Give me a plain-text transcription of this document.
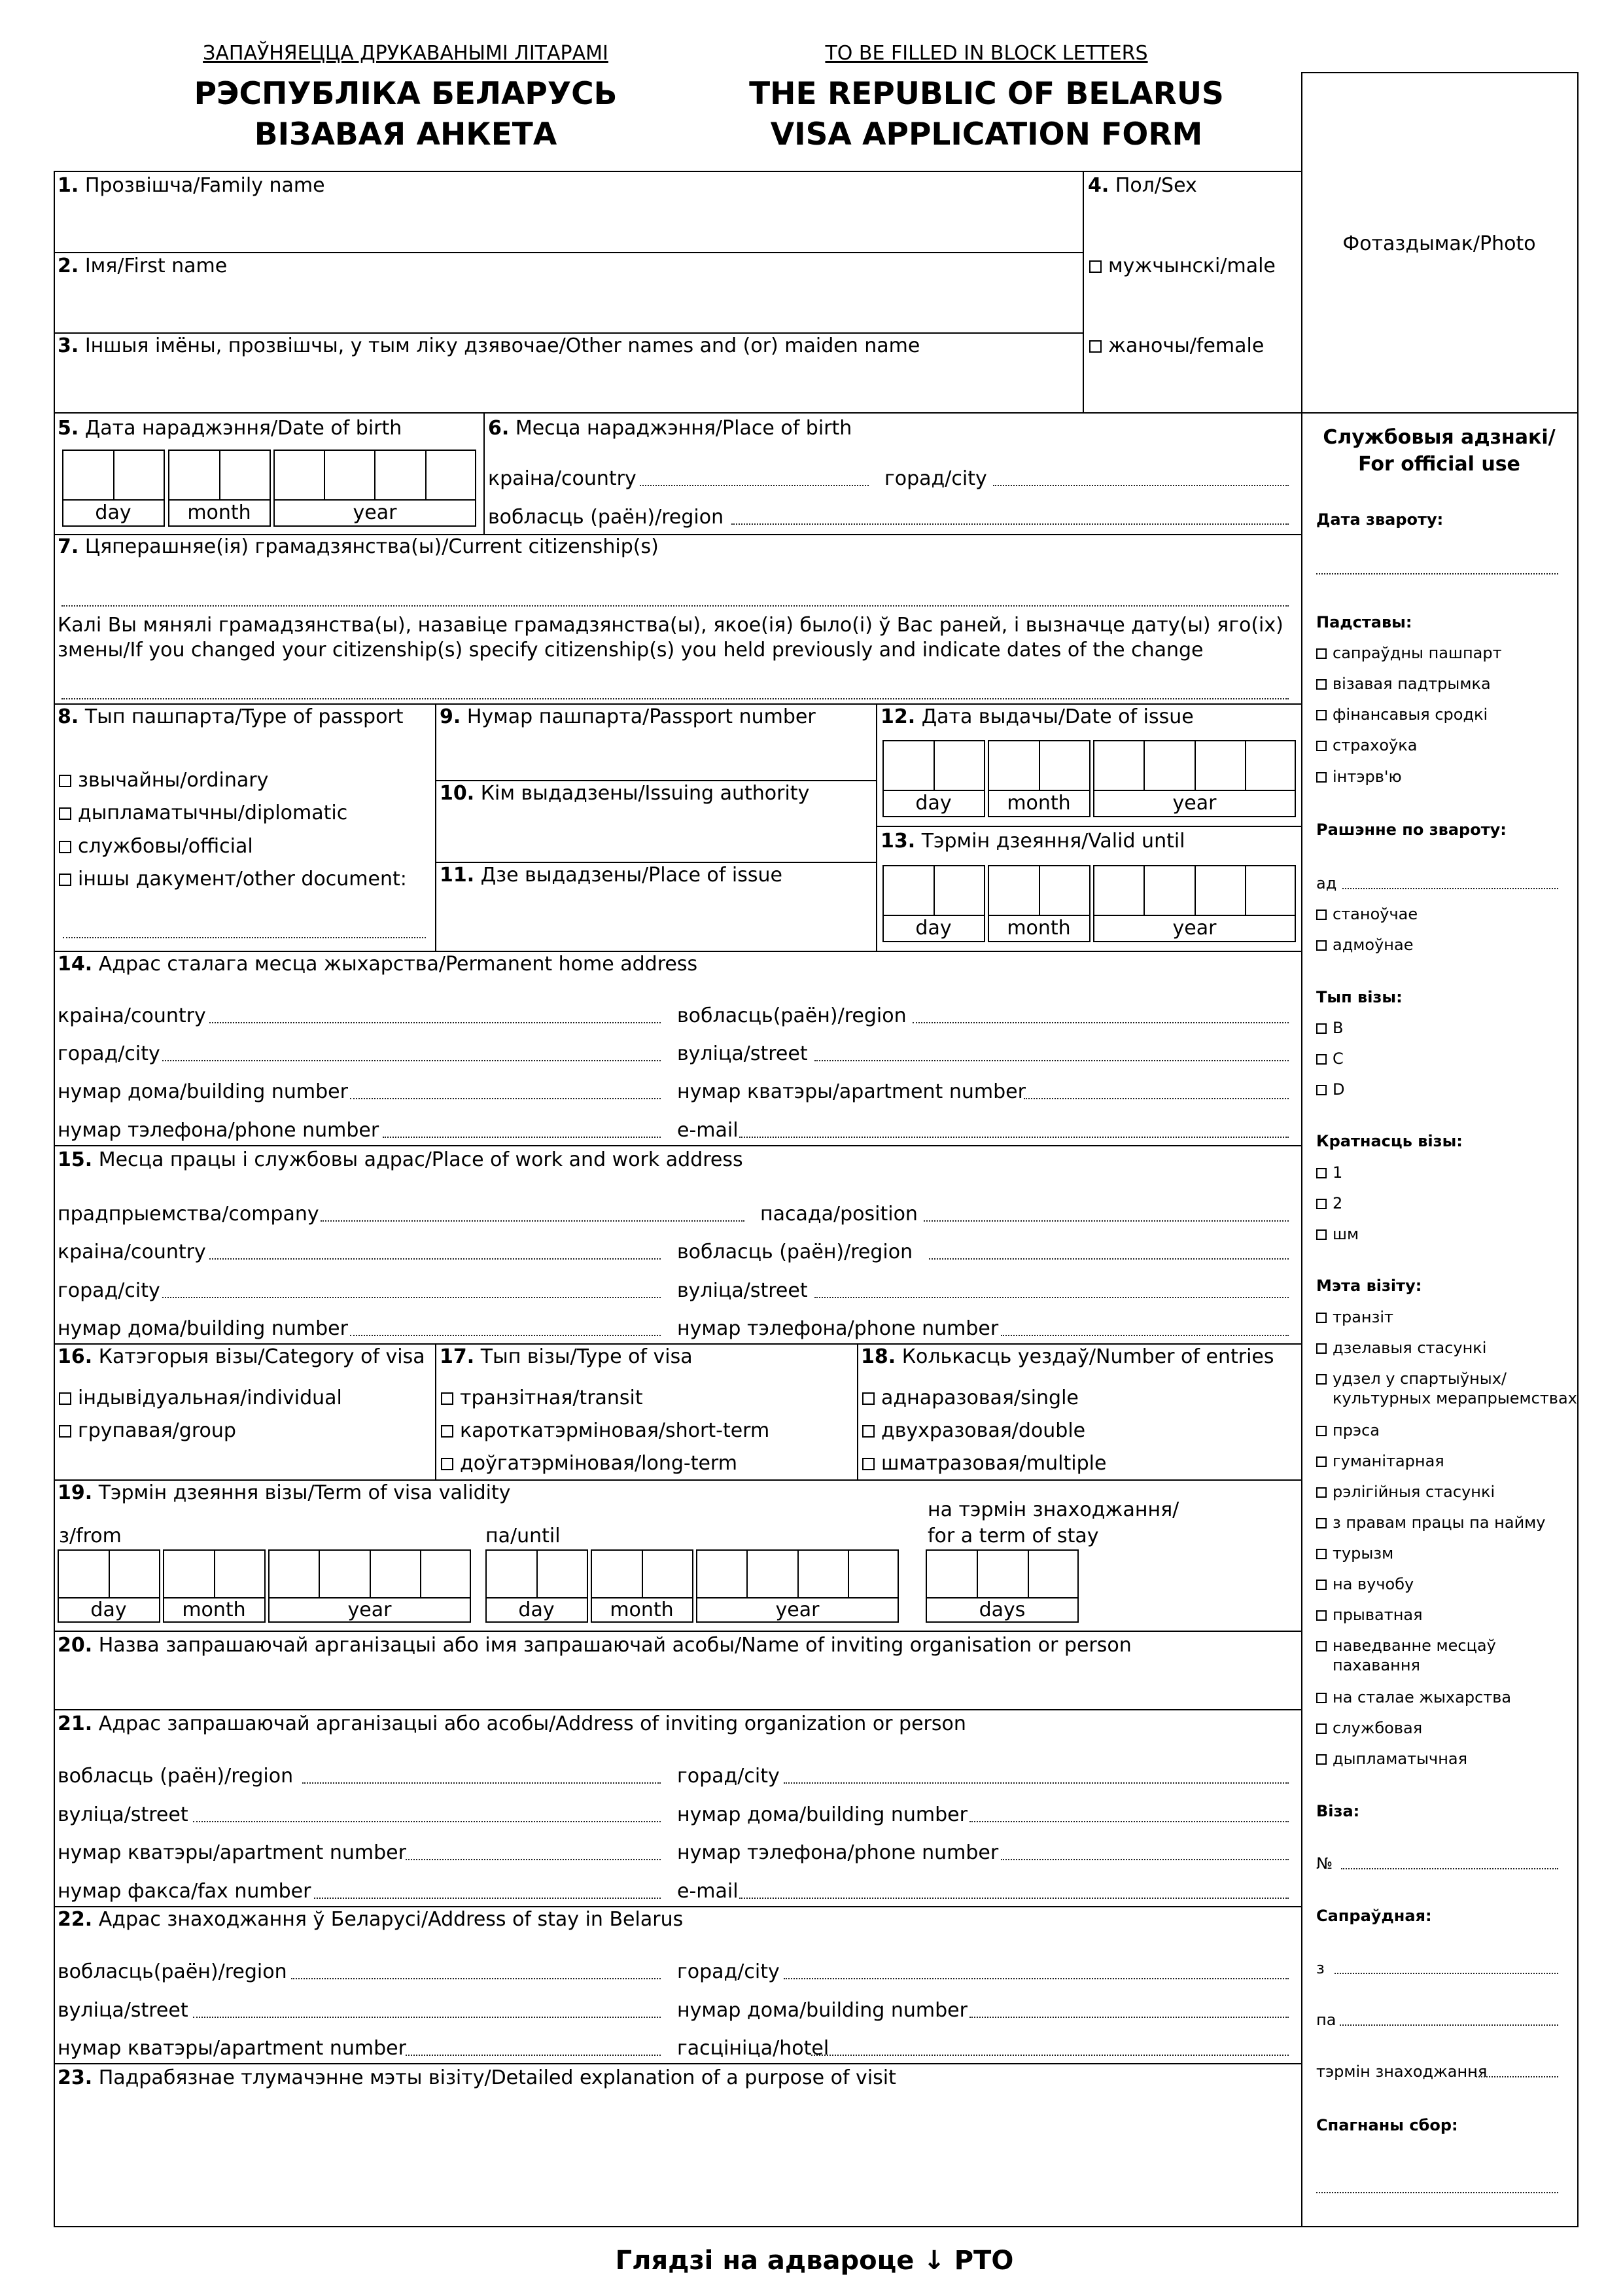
ЗАПАЎНЯЕЦЦА ДРУКАВАНЫМІ ЛІТАРАМІ	TO BE FILLED IN BLOCK LETTERS
РЭСПУБЛІКА БЕЛАРУСЬ
ВІЗАВАЯ АНКЕТА
THE REPUBLIC OF BELARUS
VISA APPLICATION FORM
Фотаздымак/Photo
1. Прозвішча/Family name
2. Імя/First name
3. Іншыя імёны, прозвішчы, у тым ліку дзявочае/Other names and (or) maiden name
4. Пол/Sex
мужчынскі/male
жаночы/female
5. Дата нараджэння/Date of birth
day	month	year
6. Месца нараджэння/Place of birth
краіна/country	горад/city
вобласць (раён)/region
7. Цяперашняе(ія) грамадзянства(ы)/Current citizenship(s)
Калі Вы мянялі грамадзянства(ы), назавіце грамадзянства(ы), якое(ія) было(і) ў Вас раней, і вызначце дату(ы) яго(іх)
змены/If you changed your citizenship(s) specify citizenship(s) you held previously and indicate dates of the change
8. Тып пашпарта/Type of passport
звычайны/ordinary
дыпламатычны/diplomatic
службовы/official
іншы дакумент/other document:
9. Нумар пашпарта/Passport number
10. Кім выдадзены/Issuing authority
11. Дзе выдадзены/Place of issue
12. Дата выдачы/Date of issue
day	month	year
13. Тэрмін дзеяння/Valid until
day	month	year
14. Адрас сталага месца жыхарства/Permanent home address
краіна/country	вобласць(раён)/region
горад/city	вуліца/street
нумар дома/building number	нумар кватэры/apartment number
нумар тэлефона/phone number	e-mail
15. Месца працы і службовы адрас/Place of work and work address
прадпрыемства/company	пасада/position
краіна/country	вобласць (раён)/region
горад/city	вуліца/street
нумар дома/building number	нумар тэлефона/phone number
16. Катэгорыя візы/Category of visa
індывідуальная/individual
групавая/group
17. Тып візы/Type of visa
транзітная/transit
кароткатэрміновая/short-term
доўгатэрміновая/long-term
18. Колькасць уездаў/Number of entries
аднаразовая/single
двухразовая/double
шматразовая/multiple
19. Тэрмін дзеяння візы/Term of visa validity
з/from	па/until
на тэрмін знаходжання/
for a term of stay
day	month	year	day	month	year	days
20. Назва запрашаючай арганізацыі або імя запрашаючай асобы/Name of inviting organisation or person
21. Адрас запрашаючай арганізацыі або асобы/Address of inviting organization or person
вобласць (раён)/region	горад/city
вуліца/street	нумар дома/building number
нумар кватэры/apartment number	нумар тэлефона/phone number
нумар факса/fax number	e-mail
22. Адрас знаходжання ў Беларусі/Address of stay in Belarus
вобласць(раён)/region	горад/city
вуліца/street	нумар дома/building number
нумар кватэры/apartment number	гасцініца/hotel
23. Падрабязнае тлумачэнне мэты візіту/Detailed explanation of a purpose of visit
Службовыя адзнакі/
For official use
Дата звароту:
Падставы:
сапраўдны пашпарт
візавая падтрымка
фінансавыя сродкі
страхоўка
інтэрв'ю
Рашэнне по звароту:
ад
станоўчае
адмоўнае
Тып візы:
B
C
D
Кратнасць візы:
1
2
шм
Мэта візіту:
транзіт
дзелавыя стасункі
удзел у спартыўных/
культурных мерапрыемствах
прэса
гуманітарная
рэлігійныя стасункі
з правам працы па найму
турызм
на вучобу
прыватная
наведванне месцаў
пахавання
на сталае жыхарства
службовая
дыпламатычная
Віза:
№
Сапраўдная:
з
па
тэрмін знаходжання
Спагнаны сбор:
Глядзі на адвароце ↓ PTO
